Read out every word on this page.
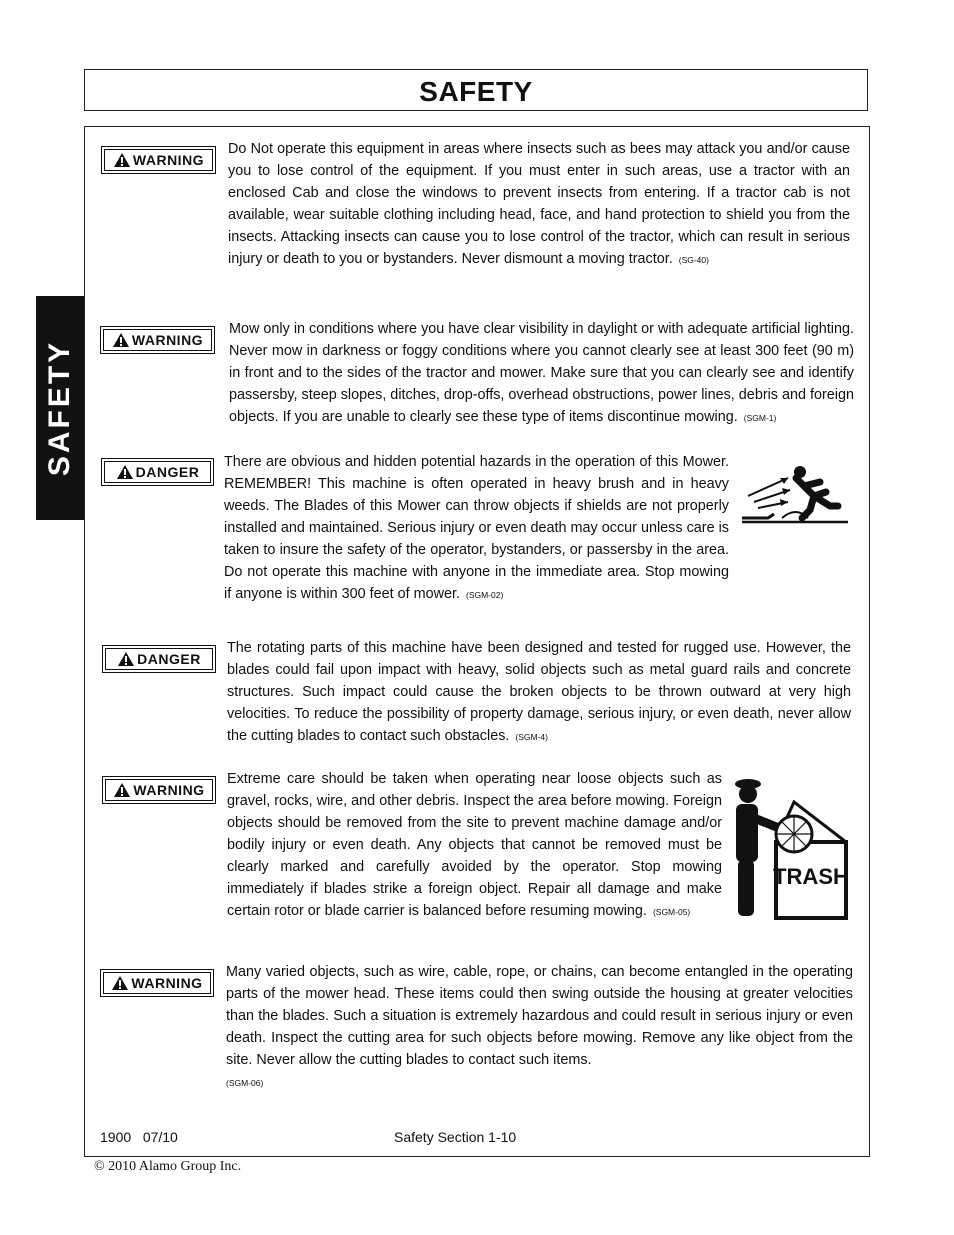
SAFETY
SAFETY
WARNING
Do Not operate this equipment in areas where insects such as bees may attack you and/or cause you to lose control of the equipment. If you must enter in such areas, use a tractor with an enclosed Cab and close the windows to prevent insects from entering. If a tractor cab is not available, wear suitable clothing including head, face, and hand protection to shield you from the insects. Attacking insects can cause you to lose control of the tractor, which can result in serious injury or death to you or bystanders. Never dismount a moving tractor. (SG-40)
WARNING
Mow only in conditions where you have clear visibility in daylight or with adequate artificial lighting. Never mow in darkness or foggy conditions where you cannot clearly see at least 300 feet (90 m) in front and to the sides of the tractor and mower. Make sure that you can clearly see and identify passersby, steep slopes, ditches, drop-offs, overhead obstructions, power lines, debris and foreign objects. If you are unable to clearly see these type of items discontinue mowing. (SGM-1)
DANGER
There are obvious and hidden potential hazards in the operation of this Mower. REMEMBER! This machine is often operated in heavy brush and in heavy weeds. The Blades of this Mower can throw objects if shields are not properly installed and maintained. Serious injury or even death may occur unless care is taken to insure the safety of the operator, bystanders, or passersby in the area. Do not operate this machine with anyone in the immediate area. Stop mowing if anyone is within 300 feet of mower. (SGM-02)
DANGER
The rotating parts of this machine have been designed and tested for rugged use. However, the blades could fail upon impact with heavy, solid objects such as metal guard rails and concrete structures. Such impact could cause the broken objects to be thrown outward at very high velocities. To reduce the possibility of property damage, serious injury, or even death, never allow the cutting blades to contact such obstacles. (SGM-4)
WARNING
Extreme care should be taken when operating near loose objects such as gravel, rocks, wire, and other debris. Inspect the area before mowing. Foreign objects should be removed from the site to prevent machine damage and/or bodily injury or even death. Any objects that cannot be removed must be clearly marked and carefully avoided by the operator. Stop mowing immediately if blades strike a foreign object. Repair all damage and make certain rotor or blade carrier is balanced before resuming mowing. (SGM-05)
TRASH
WARNING
Many varied objects, such as wire, cable, rope, or chains, can become entangled in the operating parts of the mower head. These items could then swing outside the housing at greater velocities than the blades. Such a situation is extremely hazardous and could result in serious injury or even death. Inspect the cutting area for such objects before mowing. Remove any like object from the site. Never allow the cutting blades to contact such items.
(SGM-06)
1900   07/10	Safety Section 1-10
© 2010 Alamo Group Inc.
